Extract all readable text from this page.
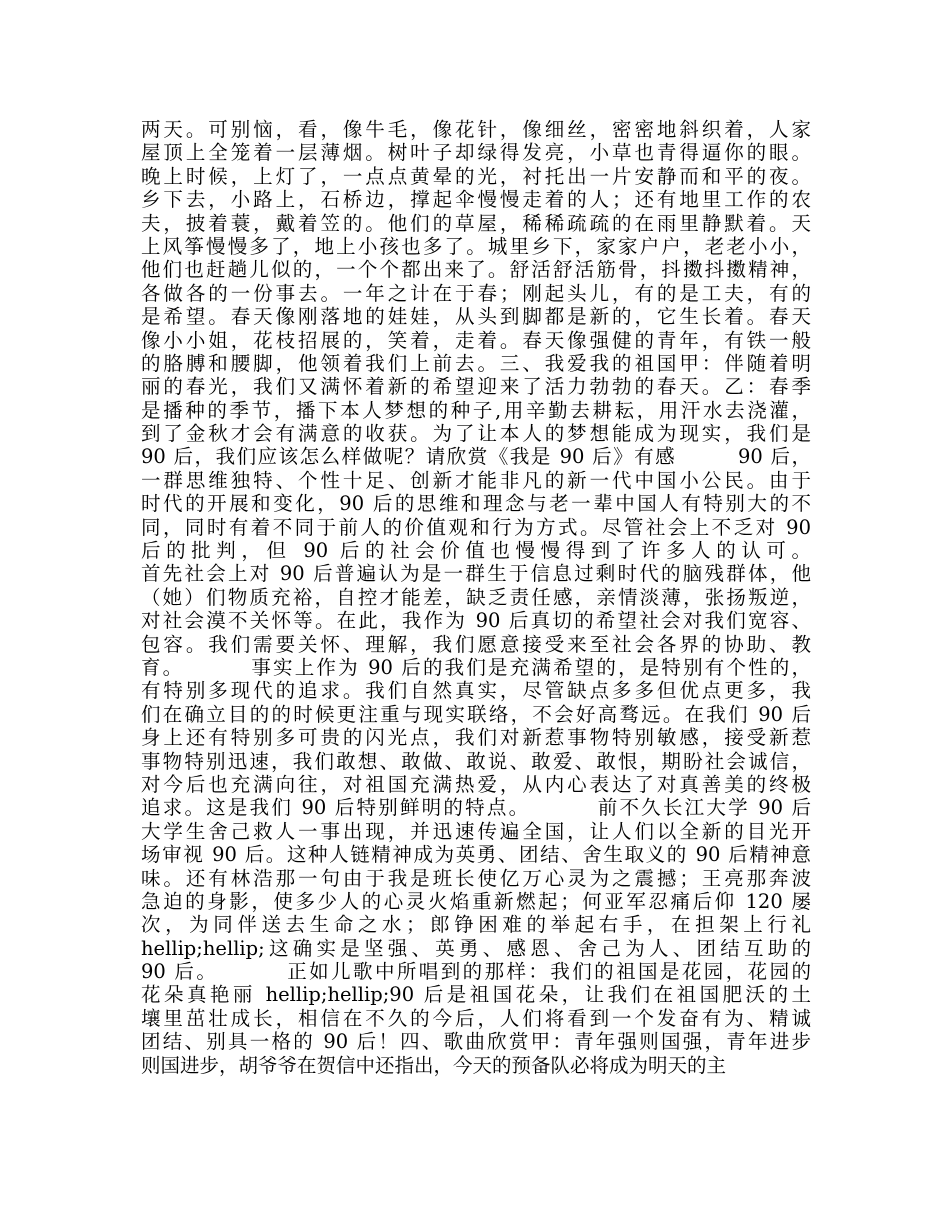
两天。可别恼，看，像牛毛，像花针，像细丝，密密地斜织着，人家
屋顶上全笼着一层薄烟。树叶子却绿得发亮，小草也青得逼你的眼。
晚上时候，上灯了，一点点黄晕的光，衬托出一片安静而和平的夜。
乡下去，小路上，石桥边，撑起伞慢慢走着的人；还有地里工作的农
夫，披着蓑，戴着笠的。他们的草屋，稀稀疏疏的在雨里静默着。天
上风筝慢慢多了，地上小孩也多了。城里乡下，家家户户，老老小小，
他们也赶趟儿似的，一个个都出来了。舒活舒活筋骨，抖擞抖擞精神，
各做各的一份事去。一年之计在于春；刚起头儿，有的是工夫，有的
是希望。春天像刚落地的娃娃，从头到脚都是新的，它生长着。春天
像小小姐，花枝招展的，笑着，走着。春天像强健的青年，有铁一般
的胳膊和腰脚，他领着我们上前去。三、我爱我的祖国甲：伴随着明
丽的春光，我们又满怀着新的希望迎来了活力勃勃的春天。乙：春季
是播种的季节，播下本人梦想的种子,用辛勤去耕耘，用汗水去浇灌，
到了金秋才会有满意的收获。为了让本人的梦想能成为现实，我们是
90 后，我们应该怎么样做呢？请欣赏《我是 90 后》有感        90 后，
一群思维独特、个性十足、创新才能非凡的新一代中国小公民。由于
时代的开展和变化，90 后的思维和理念与老一辈中国人有特别大的不
同，同时有着不同于前人的价值观和行为方式。尽管社会上不乏对 90
后的批判，但 90 后的社会价值也慢慢得到了许多人的认可。
首先社会上对 90 后普遍认为是一群生于信息过剩时代的脑残群体，他
（她）们物质充裕，自控才能差，缺乏责任感，亲情淡薄，张扬叛逆，
对社会漠不关怀等。在此，我作为 90 后真切的希望社会对我们宽容、
包容。我们需要关怀、理解，我们愿意接受来至社会各界的协助、教
育。        事实上作为 90 后的我们是充满希望的，是特别有个性的，
有特别多现代的追求。我们自然真实，尽管缺点多多但优点更多，我
们在确立目的的时候更注重与现实联络，不会好高骛远。在我们 90 后
身上还有特别多可贵的闪光点，我们对新惹事物特别敏感，接受新惹
事物特别迅速，我们敢想、敢做、敢说、敢爱、敢恨，期盼社会诚信，
对今后也充满向往，对祖国充满热爱，从内心表达了对真善美的终极
追求。这是我们 90 后特别鲜明的特点。        前不久长江大学 90 后
大学生舍己救人一事出现，并迅速传遍全国，让人们以全新的目光开
场审视 90 后。这种人链精神成为英勇、团结、舍生取义的 90 后精神意
味。还有林浩那一句由于我是班长使亿万心灵为之震撼；王亮那奔波
急迫的身影，使多少人的心灵火焰重新燃起；何亚军忍痛后仰 120 屡
次，为同伴送去生命之水；郎铮困难的举起右手，在担架上行礼
hellip;hellip;这确实是坚强、英勇、感恩、舍己为人、团结互助的
90 后。        正如儿歌中所唱到的那样：我们的祖国是花园，花园的
花朵真艳丽 hellip;hellip;90 后是祖国花朵，让我们在祖国肥沃的土
壤里茁壮成长，相信在不久的今后，人们将看到一个发奋有为、精诚
团结、别具一格的 90 后！四、歌曲欣赏甲：青年强则国强，青年进步
则国进步，胡爷爷在贺信中还指出，今天的预备队必将成为明天的主
